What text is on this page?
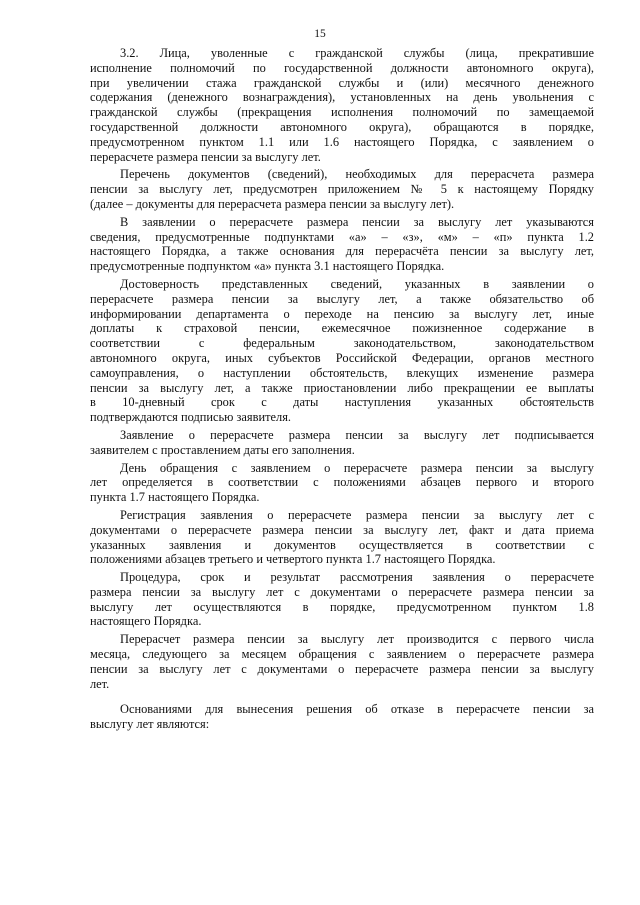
15
3.2. Лица, уволенные с гражданской службы (лица, прекратившие
исполнение полномочий по государственной должности автономного округа),
при увеличении стажа гражданской службы и (или) месячного денежного
содержания (денежного вознаграждения), установленных на день увольнения с
гражданской службы (прекращения исполнения полномочий по замещаемой
государственной должности автономного округа), обращаются в порядке,
предусмотренном пунктом 1.1 или 1.6 настоящего Порядка, с заявлением о
перерасчете размера пенсии за выслугу лет.
Перечень документов (сведений), необходимых для перерасчета размера
пенсии за выслугу лет, предусмотрен приложением № 5 к настоящему Порядку
(далее – документы для перерасчета размера пенсии за выслугу лет).
В заявлении о перерасчете размера пенсии за выслугу лет указываются
сведения, предусмотренные подпунктами «а» – «з», «м» – «п» пункта 1.2
настоящего Порядка, а также основания для перерасчёта пенсии за выслугу лет,
предусмотренные подпунктом «а» пункта 3.1 настоящего Порядка.
Достоверность представленных сведений, указанных в заявлении о
перерасчете размера пенсии за выслугу лет, а также обязательство об
информировании департамента о переходе на пенсию за выслугу лет, иные
доплаты к страховой пенсии, ежемесячное пожизненное содержание в
соответствии с федеральным законодательством, законодательством
автономного округа, иных субъектов Российской Федерации, органов местного
самоуправления, о наступлении обстоятельств, влекущих изменение размера
пенсии за выслугу лет, а также приостановлении либо прекращении ее выплаты
в 10-дневный срок с даты наступления указанных обстоятельств
подтверждаются подписью заявителя.
Заявление о перерасчете размера пенсии за выслугу лет подписывается
заявителем с проставлением даты его заполнения.
День обращения с заявлением о перерасчете размера пенсии за выслугу
лет определяется в соответствии с положениями абзацев первого и второго
пункта 1.7 настоящего Порядка.
Регистрация заявления о перерасчете размера пенсии за выслугу лет с
документами о перерасчете размера пенсии за выслугу лет, факт и дата приема
указанных заявления и документов осуществляется в соответствии с
положениями абзацев третьего и четвертого пункта 1.7 настоящего Порядка.
Процедура, срок и результат рассмотрения заявления о перерасчете
размера пенсии за выслугу лет с документами о перерасчете размера пенсии за
выслугу лет осуществляются в порядке, предусмотренном пунктом 1.8
настоящего Порядка.
Перерасчет размера пенсии за выслугу лет производится с первого числа
месяца, следующего за месяцем обращения с заявлением о перерасчете размера
пенсии за выслугу лет с документами о перерасчете размера пенсии за выслугу
лет.
Основаниями для вынесения решения об отказе в перерасчете пенсии за
выслугу лет являются:
